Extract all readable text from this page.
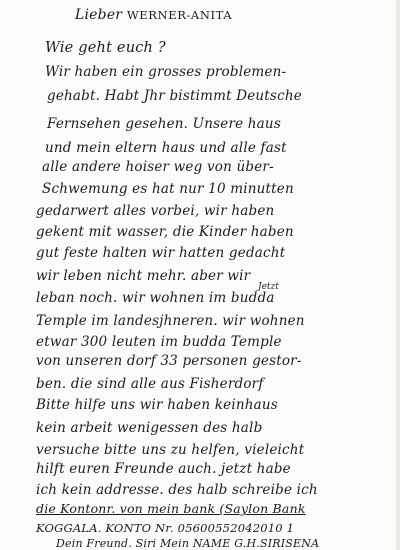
Lieber WERNER-ANITA
Wie geht euch ?
Wir haben ein grosses problemen-
gehabt. Habt Jhr bistimmt Deutsche
Fernsehen gesehen. Unsere haus
und mein eltern haus und alle fast
alle andere hoiser weg von über-
Schwemung es hat nur 10 minutten
gedarwert alles vorbei, wir haben
gekent mit wasser, die Kinder haben
gut feste halten wir hatten gedacht
wir leben nicht mehr. aber wir
Jetzt
leban noch. wir wohnen im budda
Temple im landesjhneren. wir wohnen
etwar 300 leuten im budda Temple
von unseren dorf 33 personen gestor-
ben. die sind alle aus Fisherdorf
Bitte hilfe uns wir haben keinhaus
kein arbeit wenigessen des halb
versuche bitte uns zu helfen, vieleicht
hilft euren Freunde auch. jetzt habe
ich kein addresse. des halb schreibe ich
die Kontonr. von mein bank (Saylon Bank
KOGGALA. KONTO Nr. 05600552042010 1
Dein Freund. Siri Mein NAME G.H.SIRISENA
